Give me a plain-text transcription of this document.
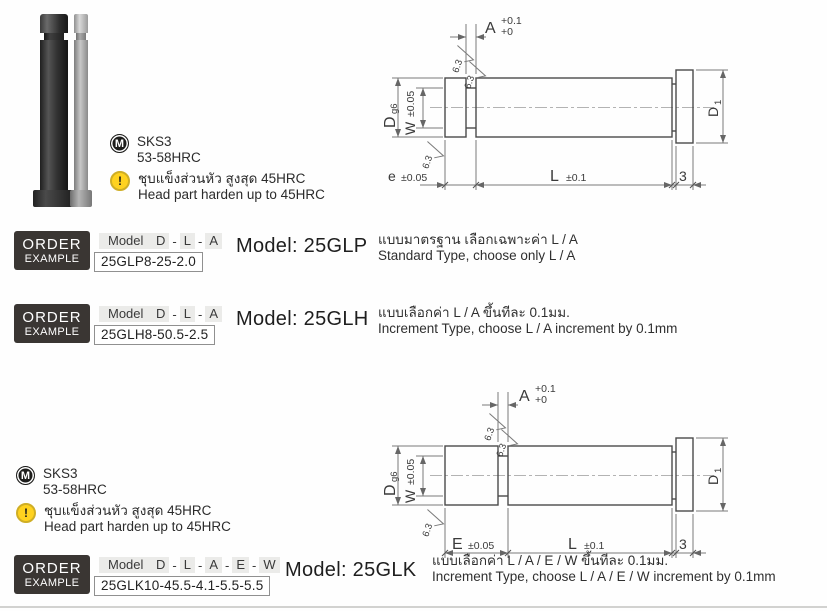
M SKS3
53-58HRC
!	ชุบแข็งส่วนหัว สูงสุด 45HRC
Head part harden up to 45HRC
M SKS3
53-58HRC
!	ชุบแข็งส่วนหัว สูงสุด 45HRC
Head part harden up to 45HRC
6.3
6.3
6.3
A +0.1
+0
D
g6
W
±0.05
e ±0.05	L ±0.1	3
D
1
6.3
6.3
6.3
A +0.1
+0
D
g6
W
±0.05
E ±0.05	L ±0.1	3
D
1
ORDER
EXAMPLE
Model D - L - A
25GLP8-25-2.0
Model: 25GLP แบบมาตรฐาน เลือกเฉพาะค่า L / A
Standard Type, choose only L / A
ORDER
EXAMPLE
Model D - L - A
25GLH8-50.5-2.5
Model: 25GLH แบบเลือกค่า L / A ขึ้นทีละ 0.1มม.
Increment Type, choose L / A increment by 0.1mm
ORDER
EXAMPLE
Model D - L - A - E - W
25GLK10-45.5-4.1-5.5-5.5
Model: 25GLK แบบเลือกค่า L / A / E / W ขึ้นทีละ 0.1มม.
Increment Type, choose L / A / E / W increment by 0.1mm
